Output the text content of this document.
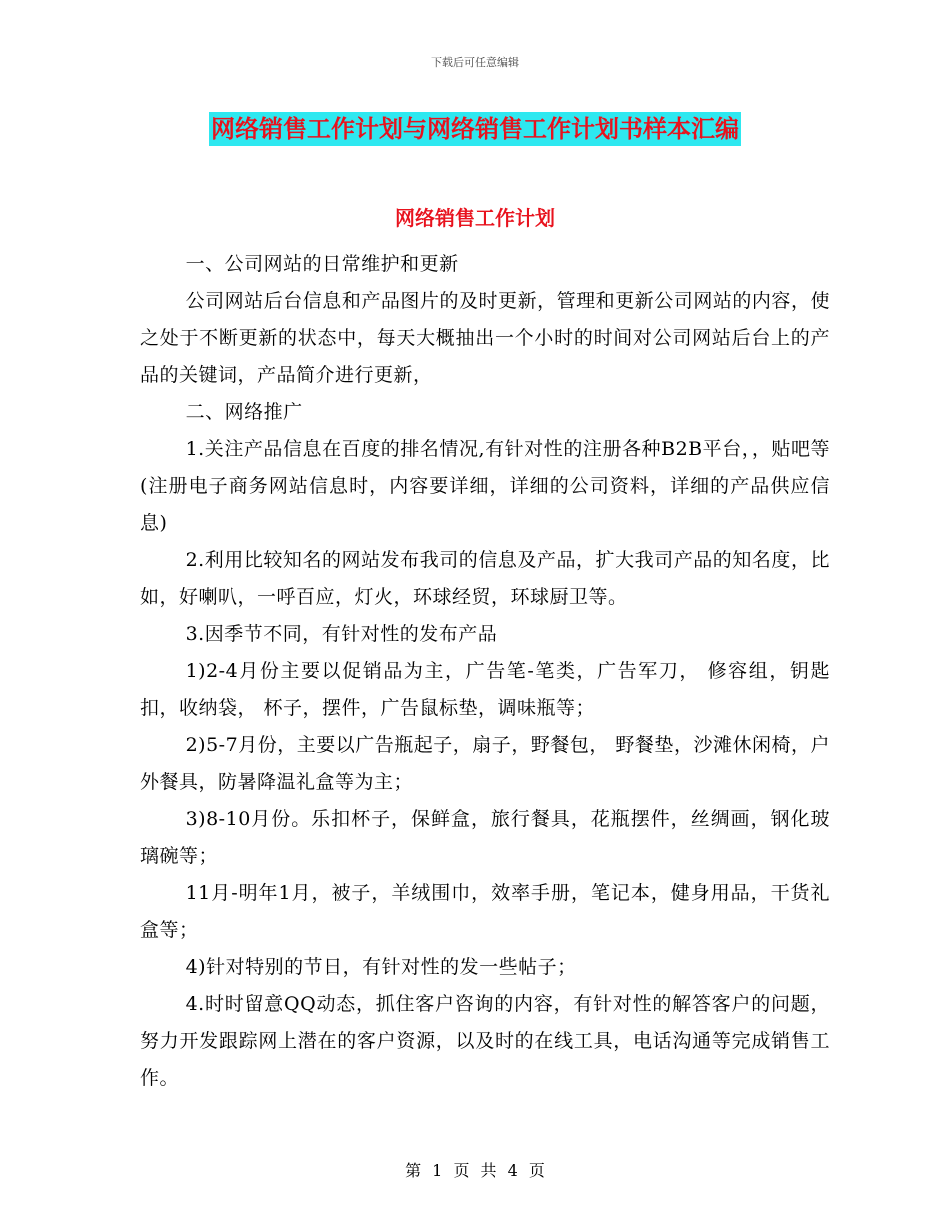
下载后可任意编辑
网络销售工作计划与网络销售工作计划书样本汇编
网络销售工作计划

一、公司网站的日常维护和更新

公司网站后台信息和产品图片的及时更新，管理和更新公司网站的内容，使之处于不断更新的状态中，每天大概抽出一个小时的时间对公司网站后台上的产品的关键词，产品简介进行更新，

二、网络推广

1.关注产品信息在百度的排名情况,有针对性的注册各种B2B平台，，贴吧等 (注册电子商务网站信息时，内容要详细，详细的公司资料，详细的产品供应信息)

2.利用比较知名的网站发布我司的信息及产品，扩大我司产品的知名度，比如，好喇叭，一呼百应，灯火，环球经贸，环球厨卫等。

3.因季节不同，有针对性的发布产品

1)2-4月份主要以促销品为主，广告笔-笔类，广告军刀， 修容组，钥匙扣，收纳袋， 杯子，摆件，广告鼠标垫，调味瓶等；

2)5-7月份，主要以广告瓶起子，扇子，野餐包， 野餐垫，沙滩休闲椅，户外餐具，防暑降温礼盒等为主；

3)8-10月份。乐扣杯子，保鲜盒，旅行餐具，花瓶摆件，丝绸画，钢化玻璃碗等；

11月-明年1月，被子，羊绒围巾，效率手册，笔记本，健身用品，干货礼盒等；

4)针对特别的节日，有针对性的发一些帖子；

4.时时留意QQ动态，抓住客户咨询的内容，有针对性的解答客户的问题，努力开发跟踪网上潜在的客户资源，以及时的在线工具，电话沟通等完成销售工作。

第 1 页 共 4 页
